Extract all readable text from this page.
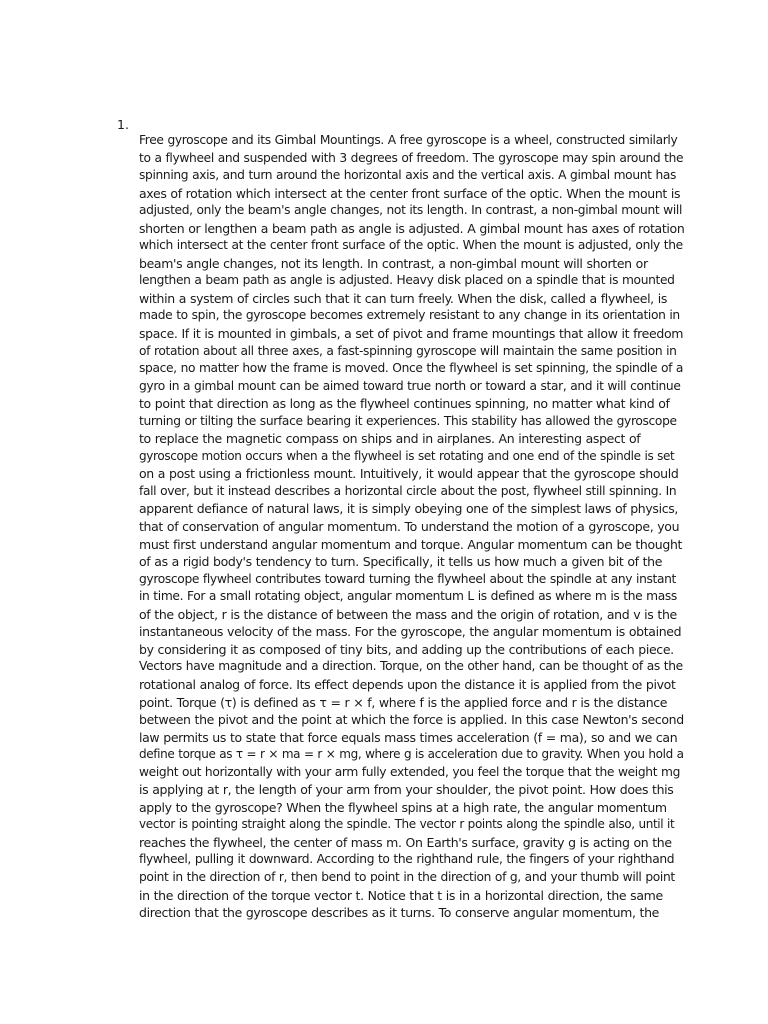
1.
Free gyroscope and its Gimbal Mountings. A free gyroscope is a wheel, constructed similarly
to a flywheel and suspended with 3 degrees of freedom. The gyroscope may spin around the
spinning axis, and turn around the horizontal axis and the vertical axis. A gimbal mount has
axes of rotation which intersect at the center front surface of the optic. When the mount is
adjusted, only the beam's angle changes, not its length. In contrast, a non-gimbal mount will
shorten or lengthen a beam path as angle is adjusted. A gimbal mount has axes of rotation
which intersect at the center front surface of the optic. When the mount is adjusted, only the
beam's angle changes, not its length. In contrast, a non-gimbal mount will shorten or
lengthen a beam path as angle is adjusted. Heavy disk placed on a spindle that is mounted
within a system of circles such that it can turn freely. When the disk, called a flywheel, is
made to spin, the gyroscope becomes extremely resistant to any change in its orientation in
space. If it is mounted in gimbals, a set of pivot and frame mountings that allow it freedom
of rotation about all three axes, a fast-spinning gyroscope will maintain the same position in
space, no matter how the frame is moved. Once the flywheel is set spinning, the spindle of a
gyro in a gimbal mount can be aimed toward true north or toward a star, and it will continue
to point that direction as long as the flywheel continues spinning, no matter what kind of
turning or tilting the surface bearing it experiences. This stability has allowed the gyroscope
to replace the magnetic compass on ships and in airplanes. An interesting aspect of
gyroscope motion occurs when a the flywheel is set rotating and one end of the spindle is set
on a post using a frictionless mount. Intuitively, it would appear that the gyroscope should
fall over, but it instead describes a horizontal circle about the post, flywheel still spinning. In
apparent defiance of natural laws, it is simply obeying one of the simplest laws of physics,
that of conservation of angular momentum. To understand the motion of a gyroscope, you
must first understand angular momentum and torque. Angular momentum can be thought
of as a rigid body's tendency to turn. Specifically, it tells us how much a given bit of the
gyroscope flywheel contributes toward turning the flywheel about the spindle at any instant
in time. For a small rotating object, angular momentum L is defined as where m is the mass
of the object, r is the distance of between the mass and the origin of rotation, and v is the
instantaneous velocity of the mass. For the gyroscope, the angular momentum is obtained
by considering it as composed of tiny bits, and adding up the contributions of each piece.
Vectors have magnitude and a direction. Torque, on the other hand, can be thought of as the
rotational analog of force. Its effect depends upon the distance it is applied from the pivot
point. Torque (τ) is defined as τ = r × f, where f is the applied force and r is the distance
between the pivot and the point at which the force is applied. In this case Newton's second
law permits us to state that force equals mass times acceleration (f = ma), so and we can
define torque as τ = r × ma = r × mg, where g is acceleration due to gravity. When you hold a
weight out horizontally with your arm fully extended, you feel the torque that the weight mg
is applying at r, the length of your arm from your shoulder, the pivot point. How does this
apply to the gyroscope? When the flywheel spins at a high rate, the angular momentum
vector is pointing straight along the spindle. The vector r points along the spindle also, until it
reaches the flywheel, the center of mass m. On Earth's surface, gravity g is acting on the
flywheel, pulling it downward. According to the righthand rule, the fingers of your righthand
point in the direction of r, then bend to point in the direction of g, and your thumb will point
in the direction of the torque vector t. Notice that t is in a horizontal direction, the same
direction that the gyroscope describes as it turns. To conserve angular momentum, the
